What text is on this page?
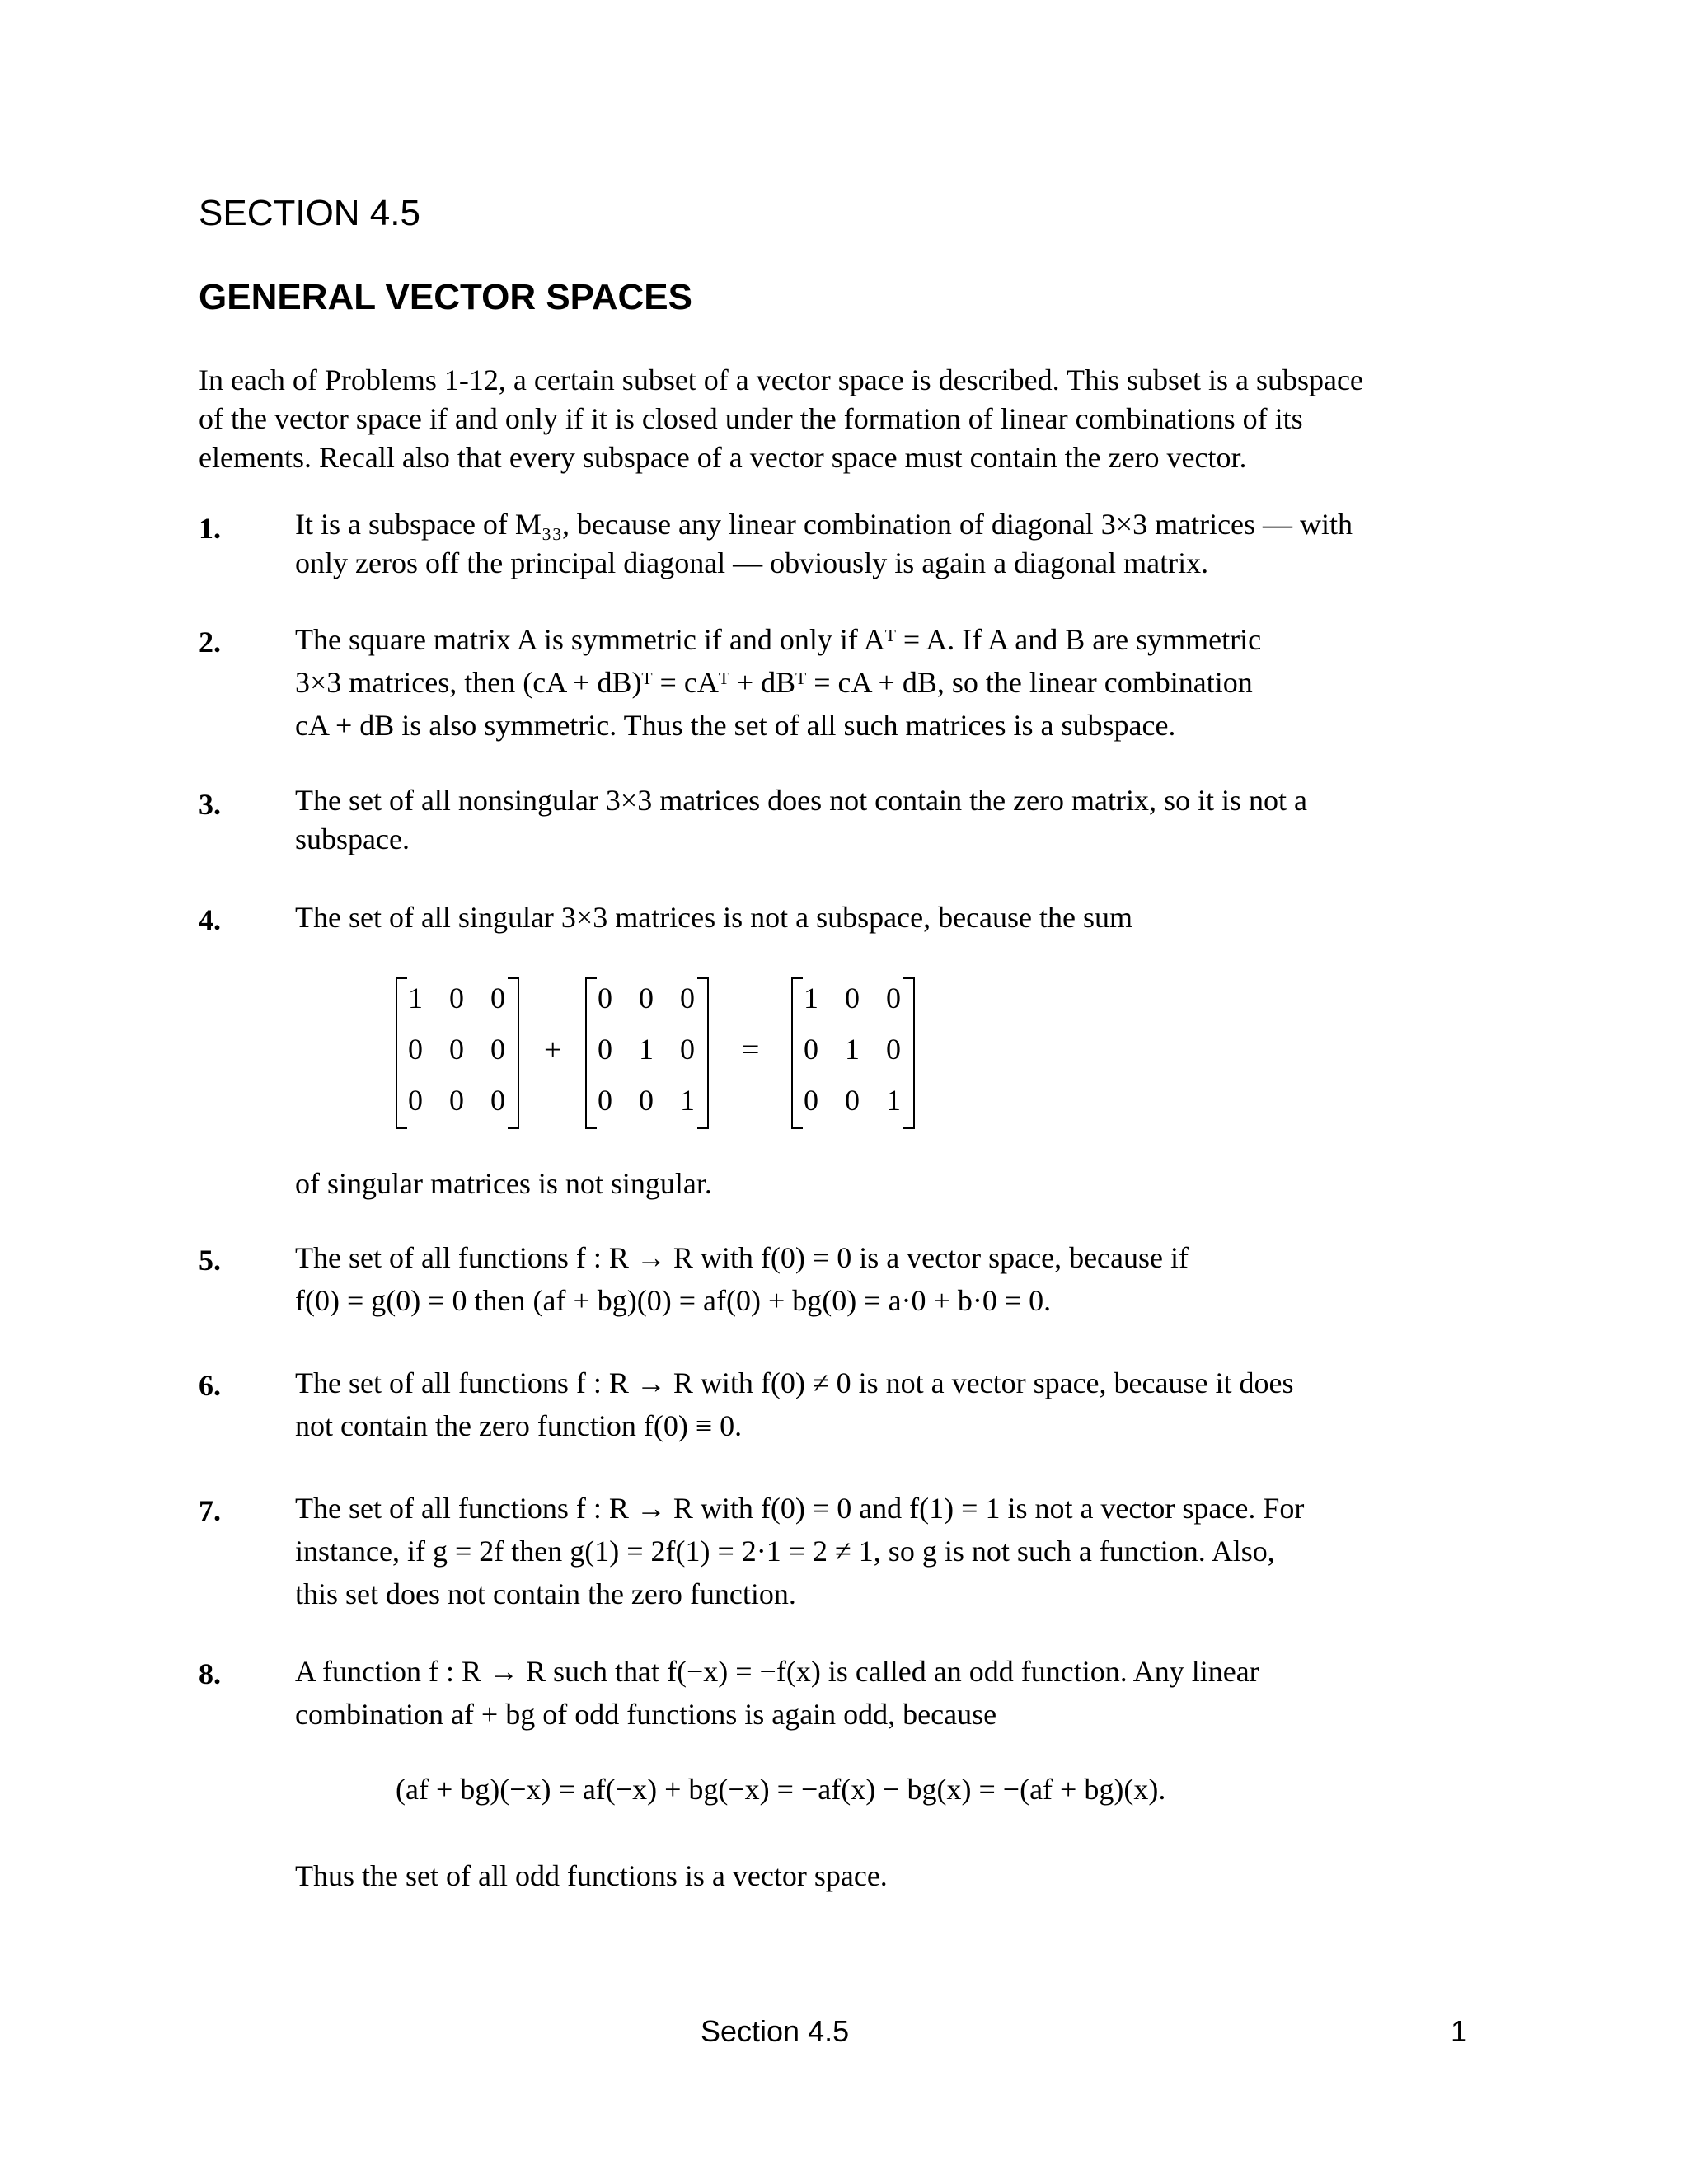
SECTION 4.5
GENERAL VECTOR SPACES
In each of Problems 1-12, a certain subset of a vector space is described. This subset is a subspace
of the vector space if and only if it is closed under the formation of linear combinations of its
elements. Recall also that every subspace of a vector space must contain the zero vector.
1.	It is a subspace of M₃₃, because any linear combination of diagonal 3×3 matrices — with
only zeros off the principal diagonal — obviously is again a diagonal matrix.
2.	The square matrix A is symmetric if and only if Aᵀ = A. If A and B are symmetric
3×3 matrices, then (cA + dB)ᵀ = cAᵀ + dBᵀ = cA + dB, so the linear combination
cA + dB is also symmetric. Thus the set of all such matrices is a subspace.
3.	The set of all nonsingular 3×3 matrices does not contain the zero matrix, so it is not a
subspace.
4.	The set of all singular 3×3 matrices is not a subspace, because the sum
1 0 0
0 0 0
0 0 0
+
0 0 0
0 1 0
0 0 1
=
1 0 0
0 1 0
0 0 1
of singular matrices is not singular.
5.	The set of all functions f : R → R with f(0) = 0 is a vector space, because if
f(0) = g(0) = 0 then (af + bg)(0) = af(0) + bg(0) = a·0 + b·0 = 0.
6.	The set of all functions f : R → R with f(0) ≠ 0 is not a vector space, because it does
not contain the zero function f(0) ≡ 0.
7.	The set of all functions f : R → R with f(0) = 0 and f(1) = 1 is not a vector space. For
instance, if g = 2f then g(1) = 2f(1) = 2·1 = 2 ≠ 1, so g is not such a function. Also,
this set does not contain the zero function.
8.	A function f : R → R such that f(−x) = −f(x) is called an odd function. Any linear
combination af + bg of odd functions is again odd, because
(af + bg)(−x) = af(−x) + bg(−x) = −af(x) − bg(x) = −(af + bg)(x).
Thus the set of all odd functions is a vector space.
Section 4.5	1
